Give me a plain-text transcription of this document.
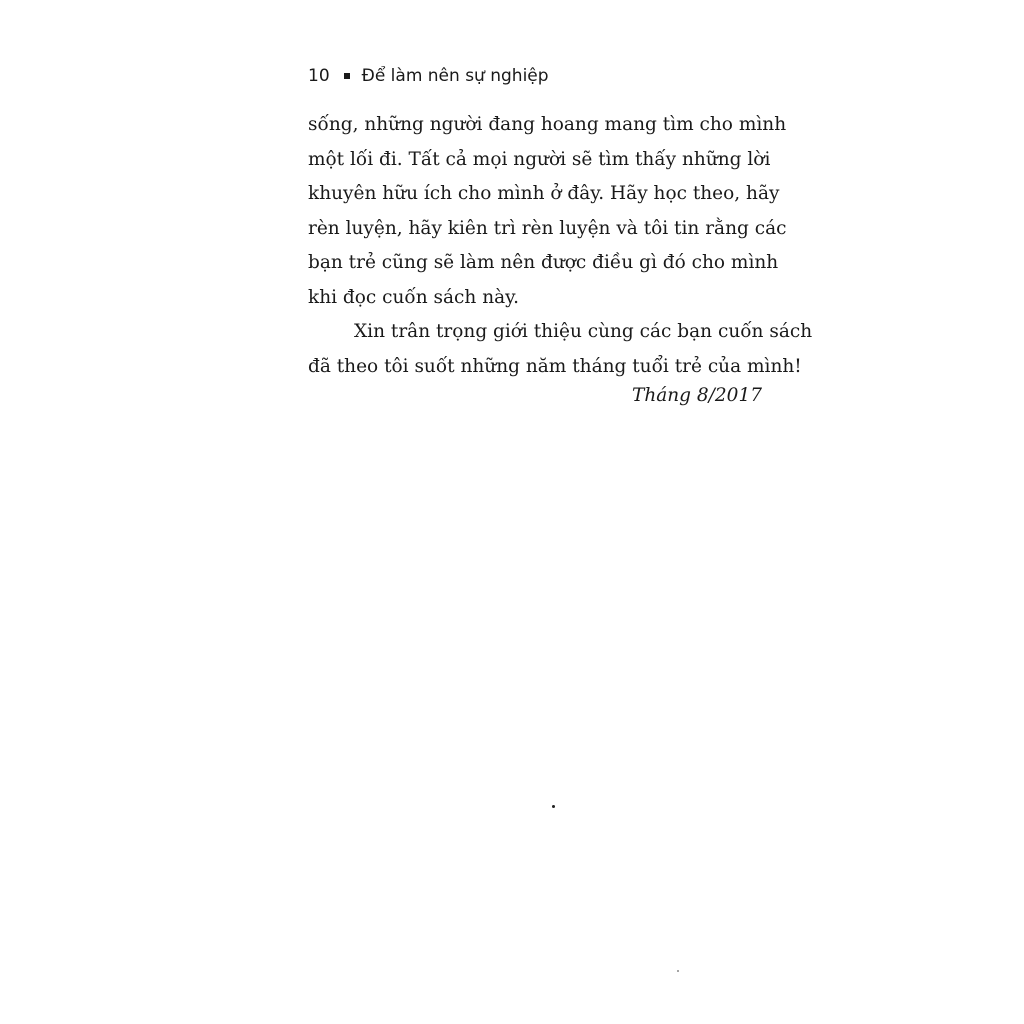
10 Để làm nên sự nghiệp
sống, những người đang hoang mang tìm cho mình
một lối đi. Tất cả mọi người sẽ tìm thấy những lời
khuyên hữu ích cho mình ở đây. Hãy học theo, hãy
rèn luyện, hãy kiên trì rèn luyện và tôi tin rằng các
bạn trẻ cũng sẽ làm nên được điều gì đó cho mình
khi đọc cuốn sách này.
Xin trân trọng giới thiệu cùng các bạn cuốn sách
đã theo tôi suốt những năm tháng tuổi trẻ của mình!
Tháng 8/2017
